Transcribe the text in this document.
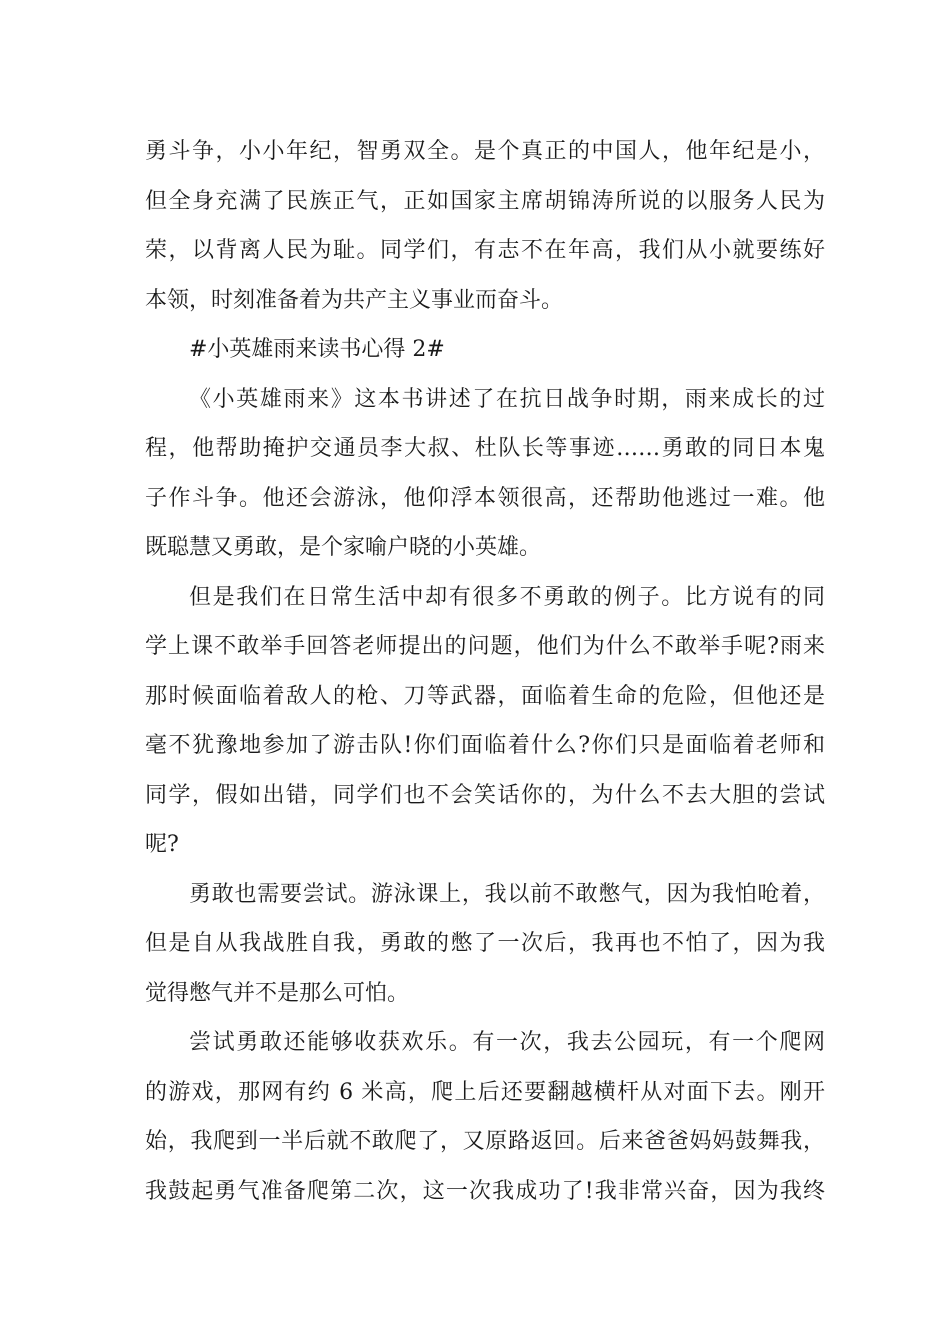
勇斗争，小小年纪，智勇双全。是个真正的中国人，他年纪是小，
但全身充满了民族正气，正如国家主席胡锦涛所说的以服务人民为
荣，以背离人民为耻。同学们，有志不在年高，我们从小就要练好
本领，时刻准备着为共产主义事业而奋斗。
#小英雄雨来读书心得 2#
《小英雄雨来》这本书讲述了在抗日战争时期，雨来成长的过
程，他帮助掩护交通员李大叔、杜队长等事迹……勇敢的同日本鬼
子作斗争。他还会游泳，他仰浮本领很高，还帮助他逃过一难。他
既聪慧又勇敢，是个家喻户晓的小英雄。
但是我们在日常生活中却有很多不勇敢的例子。比方说有的同
学上课不敢举手回答老师提出的问题，他们为什么不敢举手呢?雨来
那时候面临着敌人的枪、刀等武器，面临着生命的危险，但他还是
毫不犹豫地参加了游击队!你们面临着什么?你们只是面临着老师和
同学，假如出错，同学们也不会笑话你的，为什么不去大胆的尝试
呢?
勇敢也需要尝试。游泳课上，我以前不敢憋气，因为我怕呛着，
但是自从我战胜自我，勇敢的憋了一次后，我再也不怕了，因为我
觉得憋气并不是那么可怕。
尝试勇敢还能够收获欢乐。有一次，我去公园玩，有一个爬网
的游戏，那网有约 6 米高，爬上后还要翻越横杆从对面下去。刚开
始，我爬到一半后就不敢爬了，又原路返回。后来爸爸妈妈鼓舞我，
我鼓起勇气准备爬第二次，这一次我成功了!我非常兴奋，因为我终
